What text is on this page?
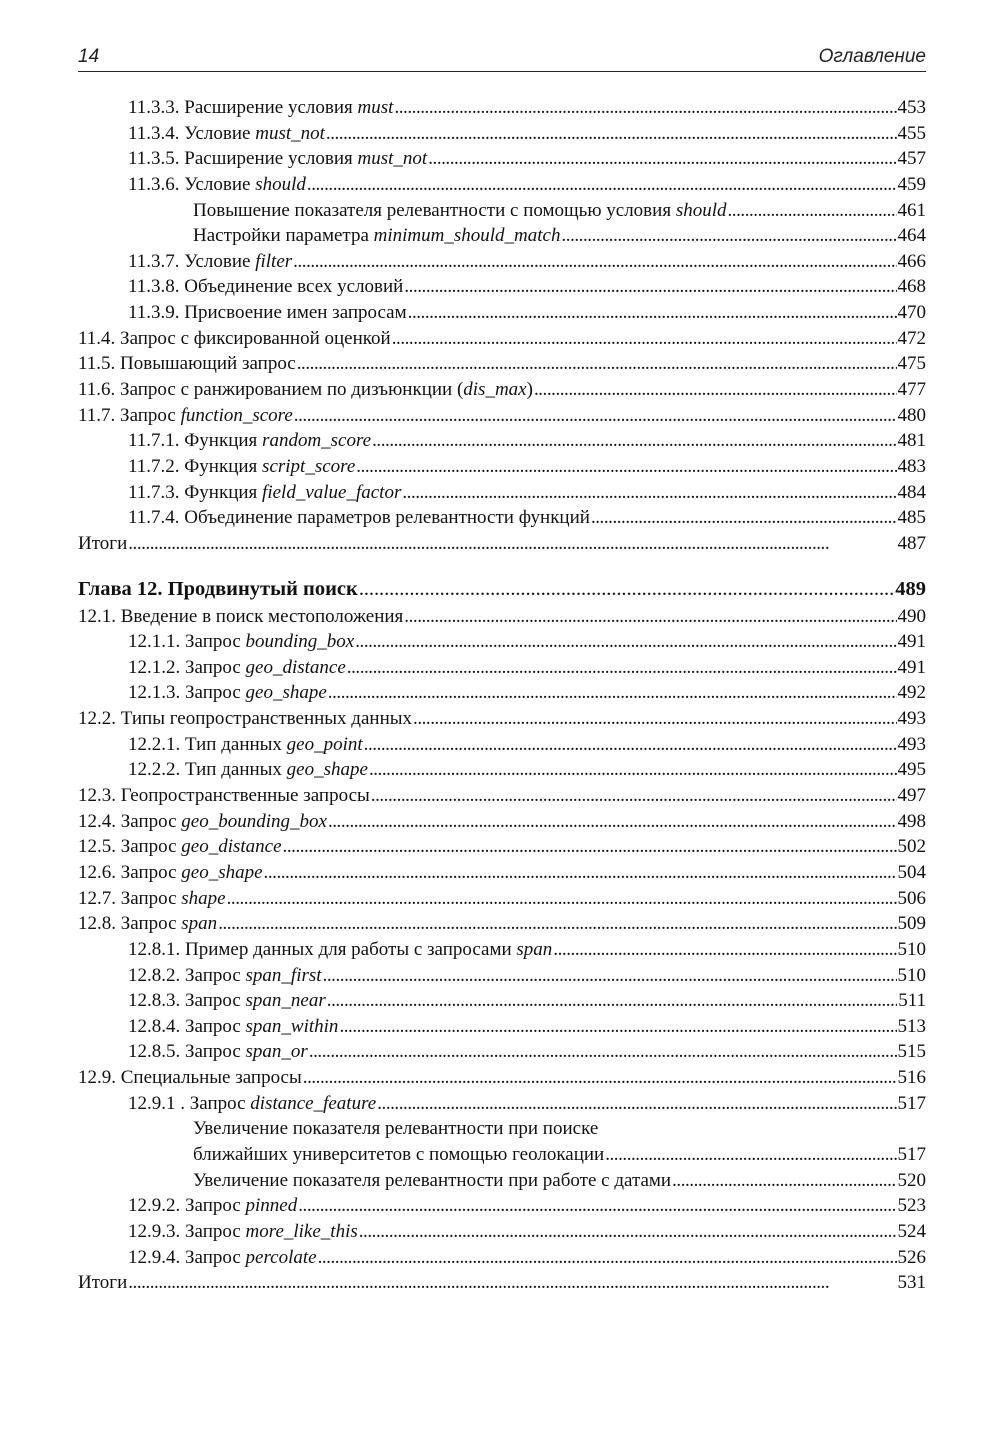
14	Оглавление
11.3.3. Расширение условия must . . .	453
11.3.4. Условие must_not . . .	455
11.3.5. Расширение условия must_not . . .	457
11.3.6. Условие should . . .	459
Повышение показателя релевантности с помощью условия should . . .	461
Настройки параметра minimum_should_match . . .	464
11.3.7. Условие filter . . .	466
11.3.8. Объединение всех условий . . .	468
11.3.9. Присвоение имен запросам . . .	470
11.4. Запрос с фиксированной оценкой . . .	472
11.5. Повышающий запрос . . .	475
11.6. Запрос с ранжированием по дизъюнкции (dis_max) . . .	477
11.7. Запрос function_score . . .	480
11.7.1. Функция random_score . . .	481
11.7.2. Функция script_score . . .	483
11.7.3. Функция field_value_factor . . .	484
11.7.4. Объединение параметров релевантности функций . . .	485
Итоги . . .	487
Глава 12. Продвинутый поиск . . .	489
12.1. Введение в поиск местоположения . . .	490
12.1.1. Запрос bounding_box . . .	491
12.1.2. Запрос geo_distance . . .	491
12.1.3. Запрос geo_shape . . .	492
12.2. Типы геопространственных данных . . .	493
12.2.1. Тип данных geo_point . . .	493
12.2.2. Тип данных geo_shape . . .	495
12.3. Геопространственные запросы . . .	497
12.4. Запрос geo_bounding_box . . .	498
12.5. Запрос geo_distance . . .	502
12.6. Запрос geo_shape . . .	504
12.7. Запрос shape . . .	506
12.8. Запрос span . . .	509
12.8.1. Пример данных для работы с запросами span . . .	510
12.8.2. Запрос span_first . . .	510
12.8.3. Запрос span_near . . .	511
12.8.4. Запрос span_within . . .	513
12.8.5. Запрос span_or . . .	515
12.9. Специальные запросы . . .	516
12.9.1 . Запрос distance_feature . . .	517
Увеличение показателя релевантности при поиске
ближайших университетов с помощью геолокации . . .	517
Увеличение показателя релевантности при работе с датами . . .	520
12.9.2. Запрос pinned . . .	523
12.9.3. Запрос more_like_this . . .	524
12.9.4. Запрос percolate . . .	526
Итоги . . .	531
